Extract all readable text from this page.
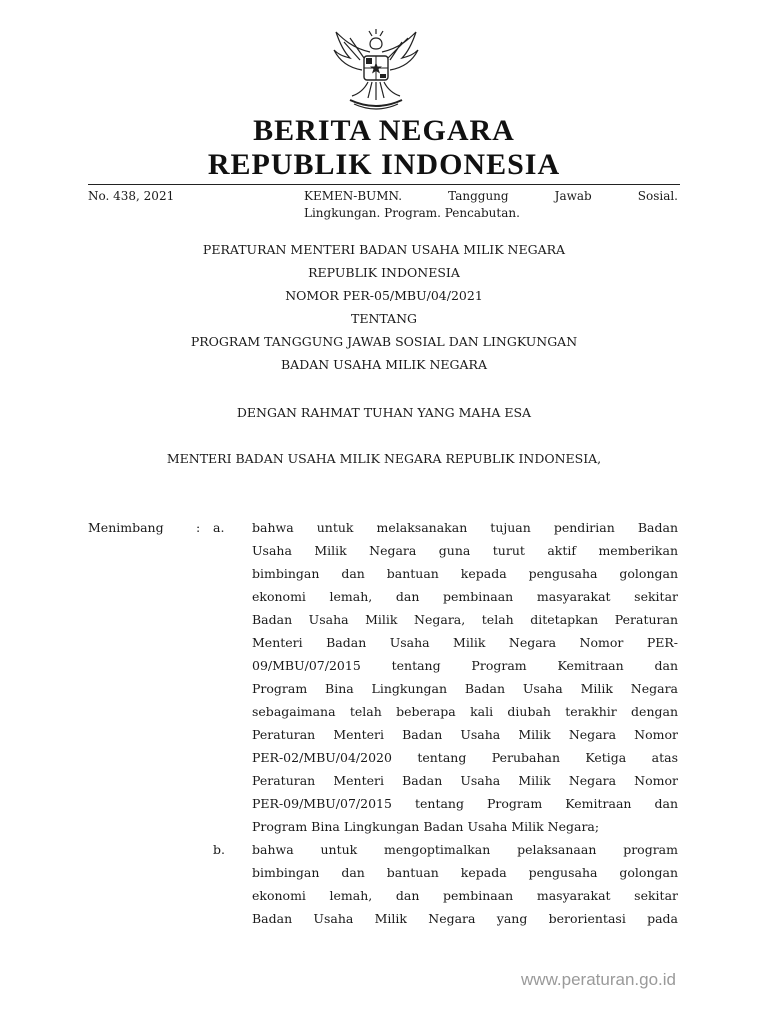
BERITA NEGARA
REPUBLIK INDONESIA
No. 438, 2021	KEMEN-BUMN. Tanggung Jawab Sosial.
Lingkungan. Program. Pencabutan.
PERATURAN MENTERI BADAN USAHA MILIK NEGARA
REPUBLIK INDONESIA
NOMOR PER-05/MBU/04/2021
TENTANG
PROGRAM TANGGUNG JAWAB SOSIAL DAN LINGKUNGAN
BADAN USAHA MILIK NEGARA
DENGAN RAHMAT TUHAN YANG MAHA ESA
MENTERI BADAN USAHA MILIK NEGARA REPUBLIK INDONESIA,
Menimbang	: a. bahwa untuk melaksanakan tujuan pendirian Badan
Usaha Milik Negara guna turut aktif memberikan
bimbingan dan bantuan kepada pengusaha golongan
ekonomi lemah, dan pembinaan masyarakat sekitar
Badan Usaha Milik Negara, telah ditetapkan Peraturan
Menteri Badan Usaha Milik Negara Nomor PER-
09/MBU/07/2015 tentang Program Kemitraan dan
Program Bina Lingkungan Badan Usaha Milik Negara
sebagaimana telah beberapa kali diubah terakhir dengan
Peraturan Menteri Badan Usaha Milik Negara Nomor
PER-02/MBU/04/2020 tentang Perubahan Ketiga atas
Peraturan Menteri Badan Usaha Milik Negara Nomor
PER-09/MBU/07/2015 tentang Program Kemitraan dan
Program Bina Lingkungan Badan Usaha Milik Negara;
b. bahwa untuk mengoptimalkan pelaksanaan program
bimbingan dan bantuan kepada pengusaha golongan
ekonomi lemah, dan pembinaan masyarakat sekitar
Badan Usaha Milik Negara yang berorientasi pada
www.peraturan.go.id
